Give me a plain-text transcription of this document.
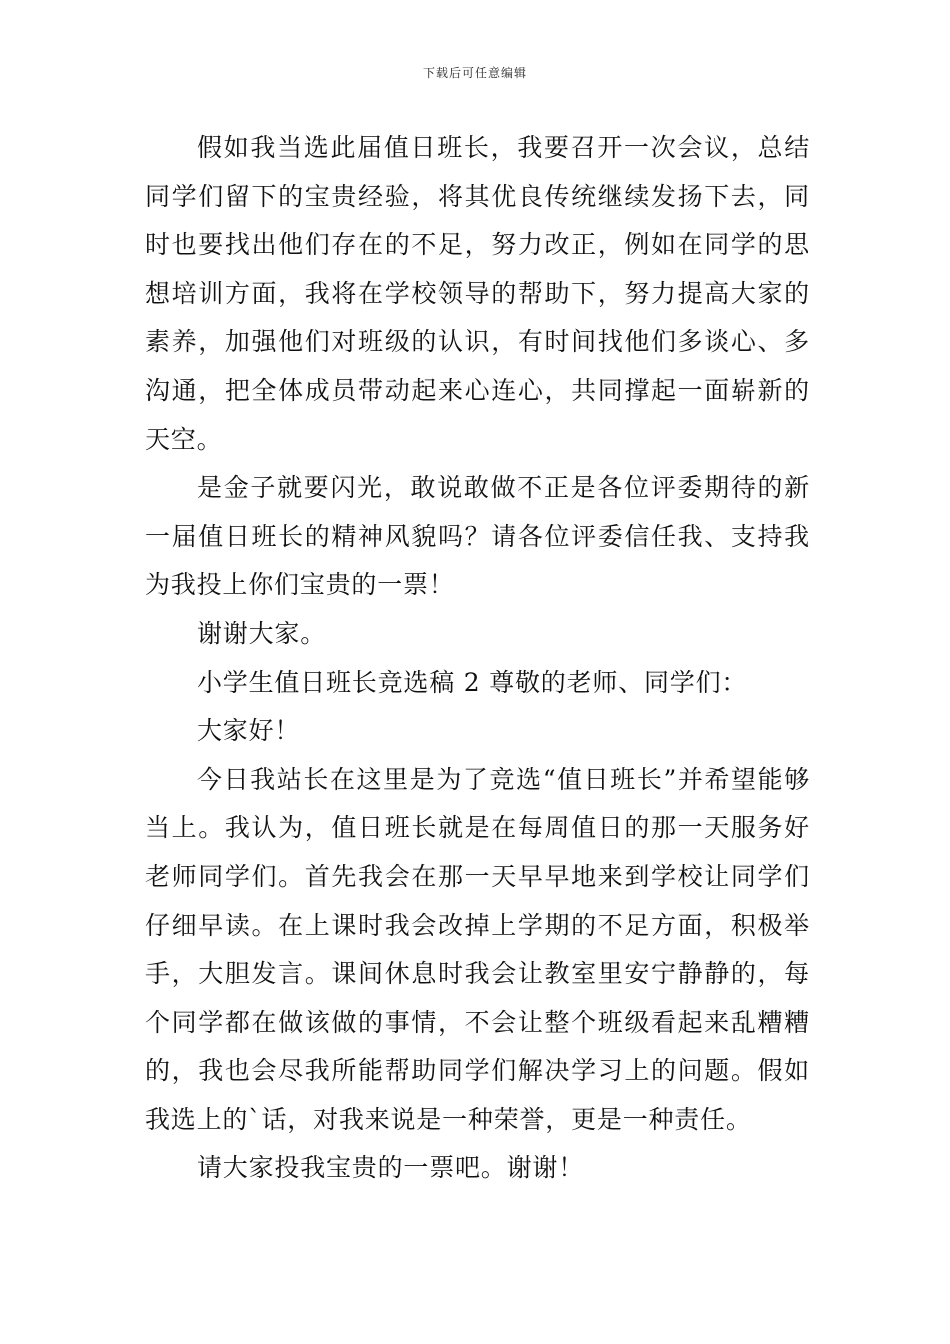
下载后可任意编辑

假如我当选此届值日班长，我要召开一次会议，总结同学们留下的宝贵经验，将其优良传统继续发扬下去，同时也要找出他们存在的不足，努力改正，例如在同学的思想培训方面，我将在学校领导的帮助下，努力提高大家的素养，加强他们对班级的认识，有时间找他们多谈心、多沟通，把全体成员带动起来心连心，共同撑起一面崭新的天空。

是金子就要闪光，敢说敢做不正是各位评委期待的新一届值日班长的精神风貌吗？请各位评委信任我、支持我为我投上你们宝贵的一票！

谢谢大家。

小学生值日班长竞选稿 2 尊敬的老师、同学们：

大家好！

今日我站长在这里是为了竞选“值日班长”并希望能够当上。我认为，值日班长就是在每周值日的那一天服务好老师同学们。首先我会在那一天早早地来到学校让同学们仔细早读。在上课时我会改掉上学期的不足方面，积极举手，大胆发言。课间休息时我会让教室里安宁静静的，每个同学都在做该做的事情，不会让整个班级看起来乱糟糟的，我也会尽我所能帮助同学们解决学习上的问题。假如我选上的`话，对我来说是一种荣誉，更是一种责任。

请大家投我宝贵的一票吧。谢谢！
